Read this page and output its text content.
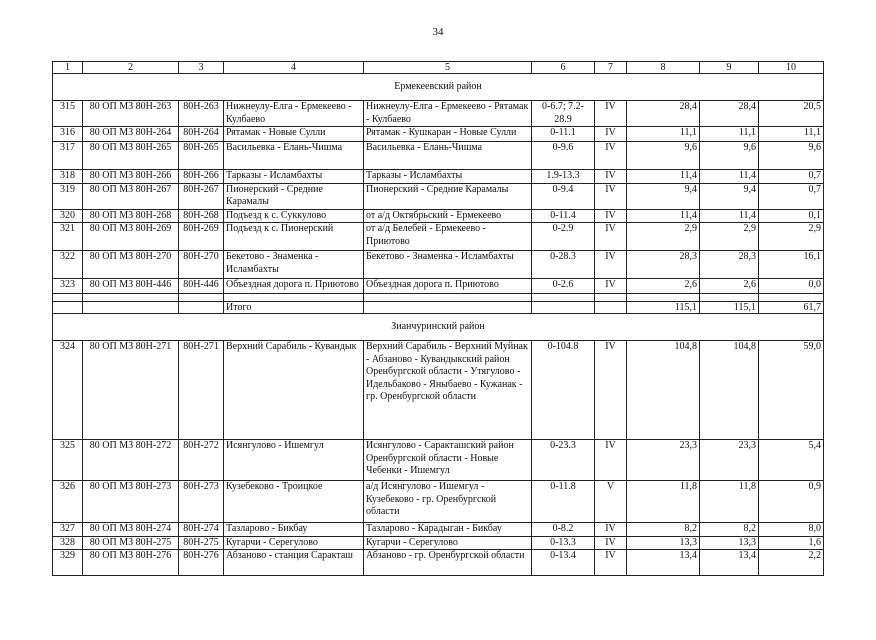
34
1	2	3	4	5	6	7	8	9	10
Ермекеевский район									
315	80 ОП МЗ 80Н-263	80Н-263	Нижнеулу-Елга - Ермекеево - Кулбаево	Нижнеулу-Елга - Ермекеево - Рятамак - Кулбаево	0-6.7; 7.2-28.9	IV	28,4	28,4	20,5
316	80 ОП МЗ 80Н-264	80Н-264	Рятамак - Новые Сулли	Рятамак - Кушкаран - Новые Сулли	0-11.1	IV	11,1	11,1	11,1
317	80 ОП МЗ 80Н-265	80Н-265	Васильевка - Елань-Чишма	Васильевка - Елань-Чишма	0-9.6	IV	9,6	9,6	9,6
318	80 ОП МЗ 80Н-266	80Н-266	Тарказы - Исламбахты	Тарказы - Исламбахты	1.9-13.3	IV	11,4	11,4	0,7
319	80 ОП МЗ 80Н-267	80Н-267	Пионерский - Средние Карамалы	Пионерский - Средние Карамалы	0-9.4	IV	9,4	9,4	0,7
320	80 ОП МЗ 80Н-268	80Н-268	Подъезд к с. Суккулово	от а/д Октябрьский - Ермекеево	0-11.4	IV	11,4	11,4	0,1
321	80 ОП МЗ 80Н-269	80Н-269	Подъезд к с. Пионерский	от а/д Белебей - Ермекеево - Приютово	0-2.9	IV	2,9	2,9	2,9
322	80 ОП МЗ 80Н-270	80Н-270	Бекетово - Знаменка - Исламбахты	Бекетово - Знаменка - Исламбахты	0-28.3	IV	28,3	28,3	16,1
323	80 ОП МЗ 80Н-446	80Н-446	Объездная дорога п. Приютово	Объездная дорога п. Приютово	0-2.6	IV	2,6	2,6	0,0

			Итого				115,1	115,1	61,7
Зианчуринский район									
324	80 ОП МЗ 80Н-271	80Н-271	Верхний Сарабиль - Кувандык	Верхний Сарабиль - Верхний Муйнак - Абзаново - Кувандыкский район Оренбургской области - Утягулово - Идельбаково - Яныбаево - Кужанак - гр. Оренбургской области	0-104.8	IV	104,8	104,8	59,0
325	80 ОП МЗ 80Н-272	80Н-272	Исянгулово - Ишемгул	Исянгулово - Саракташский район Оренбургской области - Новые Чебенки - Ишемгул	0-23.3	IV	23,3	23,3	5,4
326	80 ОП МЗ 80Н-273	80Н-273	Кузебеково - Троицкое	а/д Исянгулово - Ишемгул - Кузебеково - гр. Оренбургской области	0-11.8	V	11,8	11,8	0,9
327	80 ОП МЗ 80Н-274	80Н-274	Тазларово - Бикбау	Тазларово - Карадыган - Бикбау	0-8.2	IV	8,2	8,2	8,0
328	80 ОП МЗ 80Н-275	80Н-275	Кугарчи - Серегулово	Кугарчи - Серегулово	0-13.3	IV	13,3	13,3	1,6
329	80 ОП МЗ 80Н-276	80Н-276	Абзаново - станция Саракташ	Абзаново - гр. Оренбургской области	0-13.4	IV	13,4	13,4	2,2
